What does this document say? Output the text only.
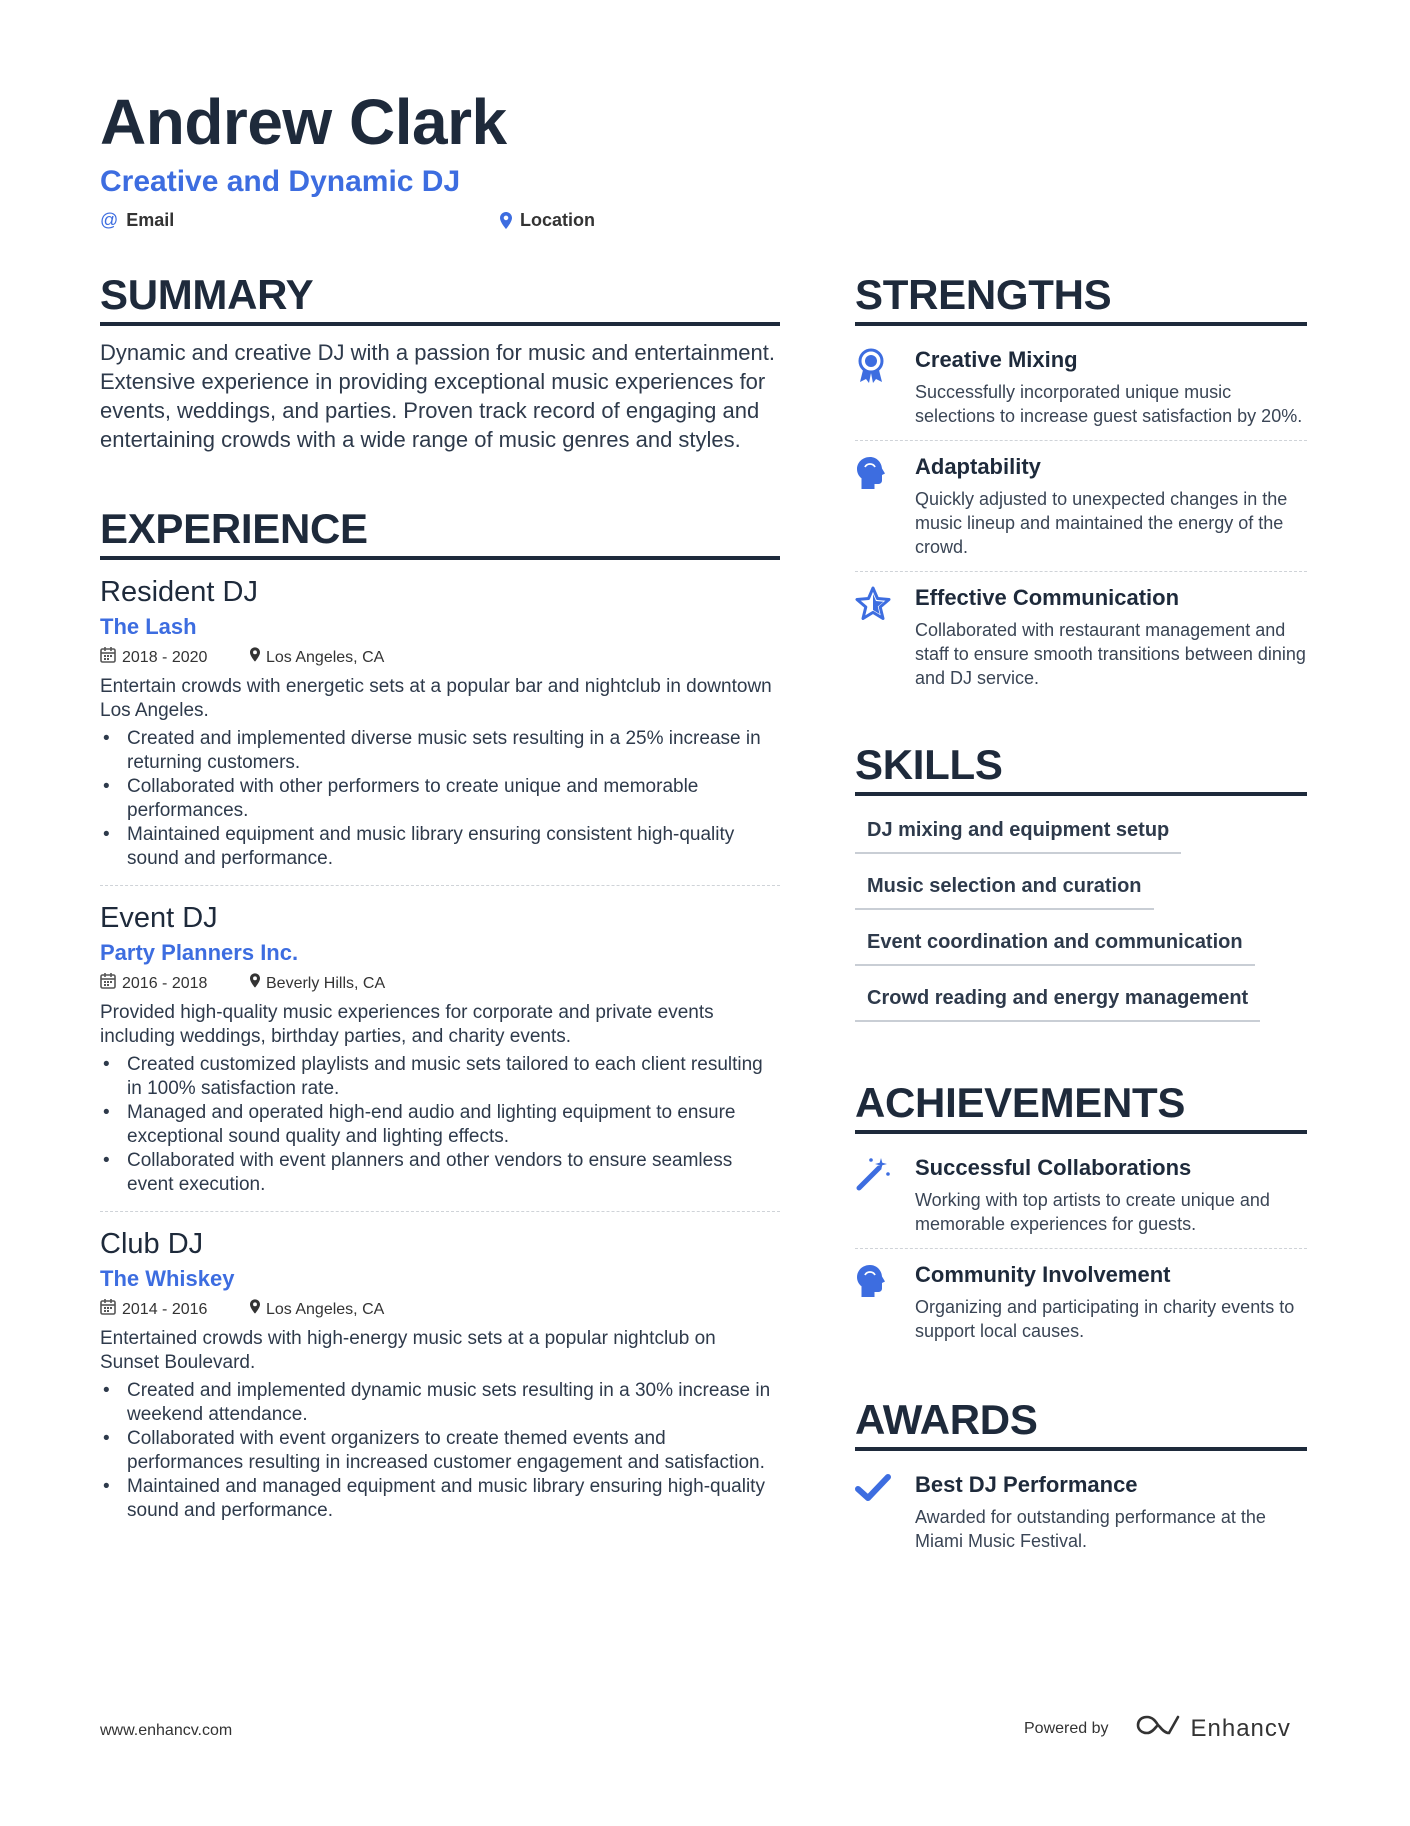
Andrew Clark
Creative and Dynamic DJ
@ Email	Location
SUMMARY
Dynamic and creative DJ with a passion for music and entertainment. Extensive experience in providing exceptional music experiences for events, weddings, and parties. Proven track record of engaging and entertaining crowds with a wide range of music genres and styles.
EXPERIENCE
Resident DJ
The Lash
2018 - 2020	Los Angeles, CA
Entertain crowds with energetic sets at a popular bar and nightclub in downtown Los Angeles.
• Created and implemented diverse music sets resulting in a 25% increase in returning customers.
• Collaborated with other performers to create unique and memorable performances.
• Maintained equipment and music library ensuring consistent high-quality sound and performance.
Event DJ
Party Planners Inc.
2016 - 2018	Beverly Hills, CA
Provided high-quality music experiences for corporate and private events including weddings, birthday parties, and charity events.
• Created customized playlists and music sets tailored to each client resulting in 100% satisfaction rate.
• Managed and operated high-end audio and lighting equipment to ensure exceptional sound quality and lighting effects.
• Collaborated with event planners and other vendors to ensure seamless event execution.
Club DJ
The Whiskey
2014 - 2016	Los Angeles, CA
Entertained crowds with high-energy music sets at a popular nightclub on Sunset Boulevard.
• Created and implemented dynamic music sets resulting in a 30% increase in weekend attendance.
• Collaborated with event organizers to create themed events and performances resulting in increased customer engagement and satisfaction.
• Maintained and managed equipment and music library ensuring high-quality sound and performance.
STRENGTHS
Creative Mixing
Successfully incorporated unique music selections to increase guest satisfaction by 20%.
Adaptability
Quickly adjusted to unexpected changes in the music lineup and maintained the energy of the crowd.
Effective Communication
Collaborated with restaurant management and staff to ensure smooth transitions between dining and DJ service.
SKILLS
DJ mixing and equipment setup
Music selection and curation
Event coordination and communication
Crowd reading and energy management
ACHIEVEMENTS
Successful Collaborations
Working with top artists to create unique and memorable experiences for guests.
Community Involvement
Organizing and participating in charity events to support local causes.
AWARDS
Best DJ Performance
Awarded for outstanding performance at the Miami Music Festival.
www.enhancv.com	Powered by	Enhancv
